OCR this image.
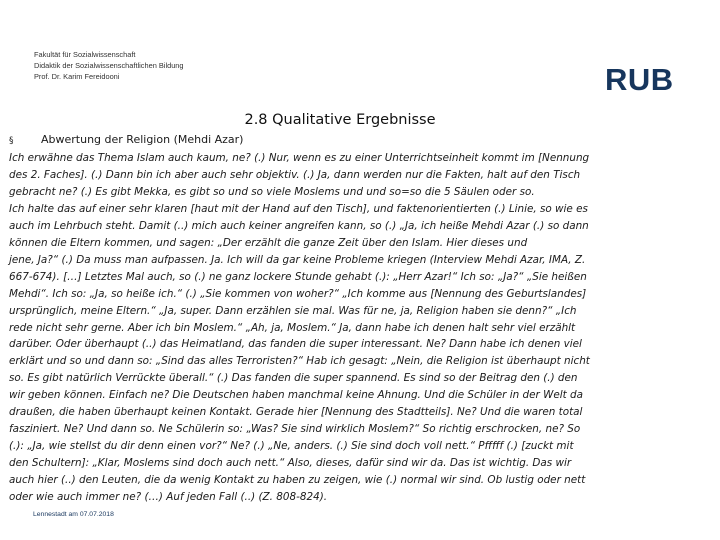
Fakultät für Sozialwissenschaft
Didaktik der Sozialwissenschaftlichen Bildung
Prof. Dr. Karim Fereidooni	RUB
2.8 Qualitative Ergebnisse
§	Abwertung der Religion (Mehdi Azar)
Ich erwähne das Thema Islam auch kaum, ne? (.) Nur, wenn es zu einer Unterrichtseinheit kommt im [Nennung
des 2. Faches]. (.) Dann bin ich aber auch sehr objektiv. (.) Ja, dann werden nur die Fakten, halt auf den Tisch
gebracht ne? (.) Es gibt Mekka, es gibt so und so viele Moslems und und so=so die 5 Säulen oder so.
Ich halte das auf einer sehr klaren [haut mit der Hand auf den Tisch], und faktenorientierten (.) Linie, so wie es
auch im Lehrbuch steht. Damit (..) mich auch keiner angreifen kann, so (.) „Ja, ich heiße Mehdi Azar (.) so dann
können die Eltern kommen, und sagen: „Der erzählt die ganze Zeit über den Islam. Hier dieses und
jene, Ja?“ (.) Da muss man aufpassen. Ja. Ich will da gar keine Probleme kriegen (Interview Mehdi Azar, IMA, Z.
667-674). […] Letztes Mal auch, so (.) ne ganz lockere Stunde gehabt (.): „Herr Azar!“ Ich so: „Ja?“ „Sie heißen
Mehdi“. Ich so: „Ja, so heiße ich.“ (.) „Sie kommen von woher?“ „Ich komme aus [Nennung des Geburtslandes]
ursprünglich, meine Eltern.“ „Ja, super. Dann erzählen sie mal. Was für ne, ja, Religion haben sie denn?“ „Ich
rede nicht sehr gerne. Aber ich bin Moslem.“ „Ah, ja, Moslem.“ Ja, dann habe ich denen halt sehr viel erzählt
darüber. Oder überhaupt (..) das Heimatland, das fanden die super interessant. Ne? Dann habe ich denen viel
erklärt und so und dann so: „Sind das alles Terroristen?“ Hab ich gesagt: „Nein, die Religion ist überhaupt nicht
so. Es gibt natürlich Verrückte überall.“ (.) Das fanden die super spannend. Es sind so der Beitrag den (.) den
wir geben können. Einfach ne? Die Deutschen haben manchmal keine Ahnung. Und die Schüler in der Welt da
draußen, die haben überhaupt keinen Kontakt. Gerade hier [Nennung des Stadtteils]. Ne? Und die waren total
fasziniert. Ne? Und dann so. Ne Schülerin so: „Was? Sie sind wirklich Moslem?“ So richtig erschrocken, ne? So
(.): „Ja, wie stellst du dir denn einen vor?“ Ne? (.) „Ne, anders. (.) Sie sind doch voll nett.“ Pfffff (.) [zuckt mit
den Schultern]: „Klar, Moslems sind doch auch nett.“ Also, dieses, dafür sind wir da. Das ist wichtig. Das wir
auch hier (..) den Leuten, die da wenig Kontakt zu haben zu zeigen, wie (.) normal wir sind. Ob lustig oder nett
oder wie auch immer ne? (…) Auf jeden Fall (..) (Z. 808-824).
Lennestadt am 07.07.2018
